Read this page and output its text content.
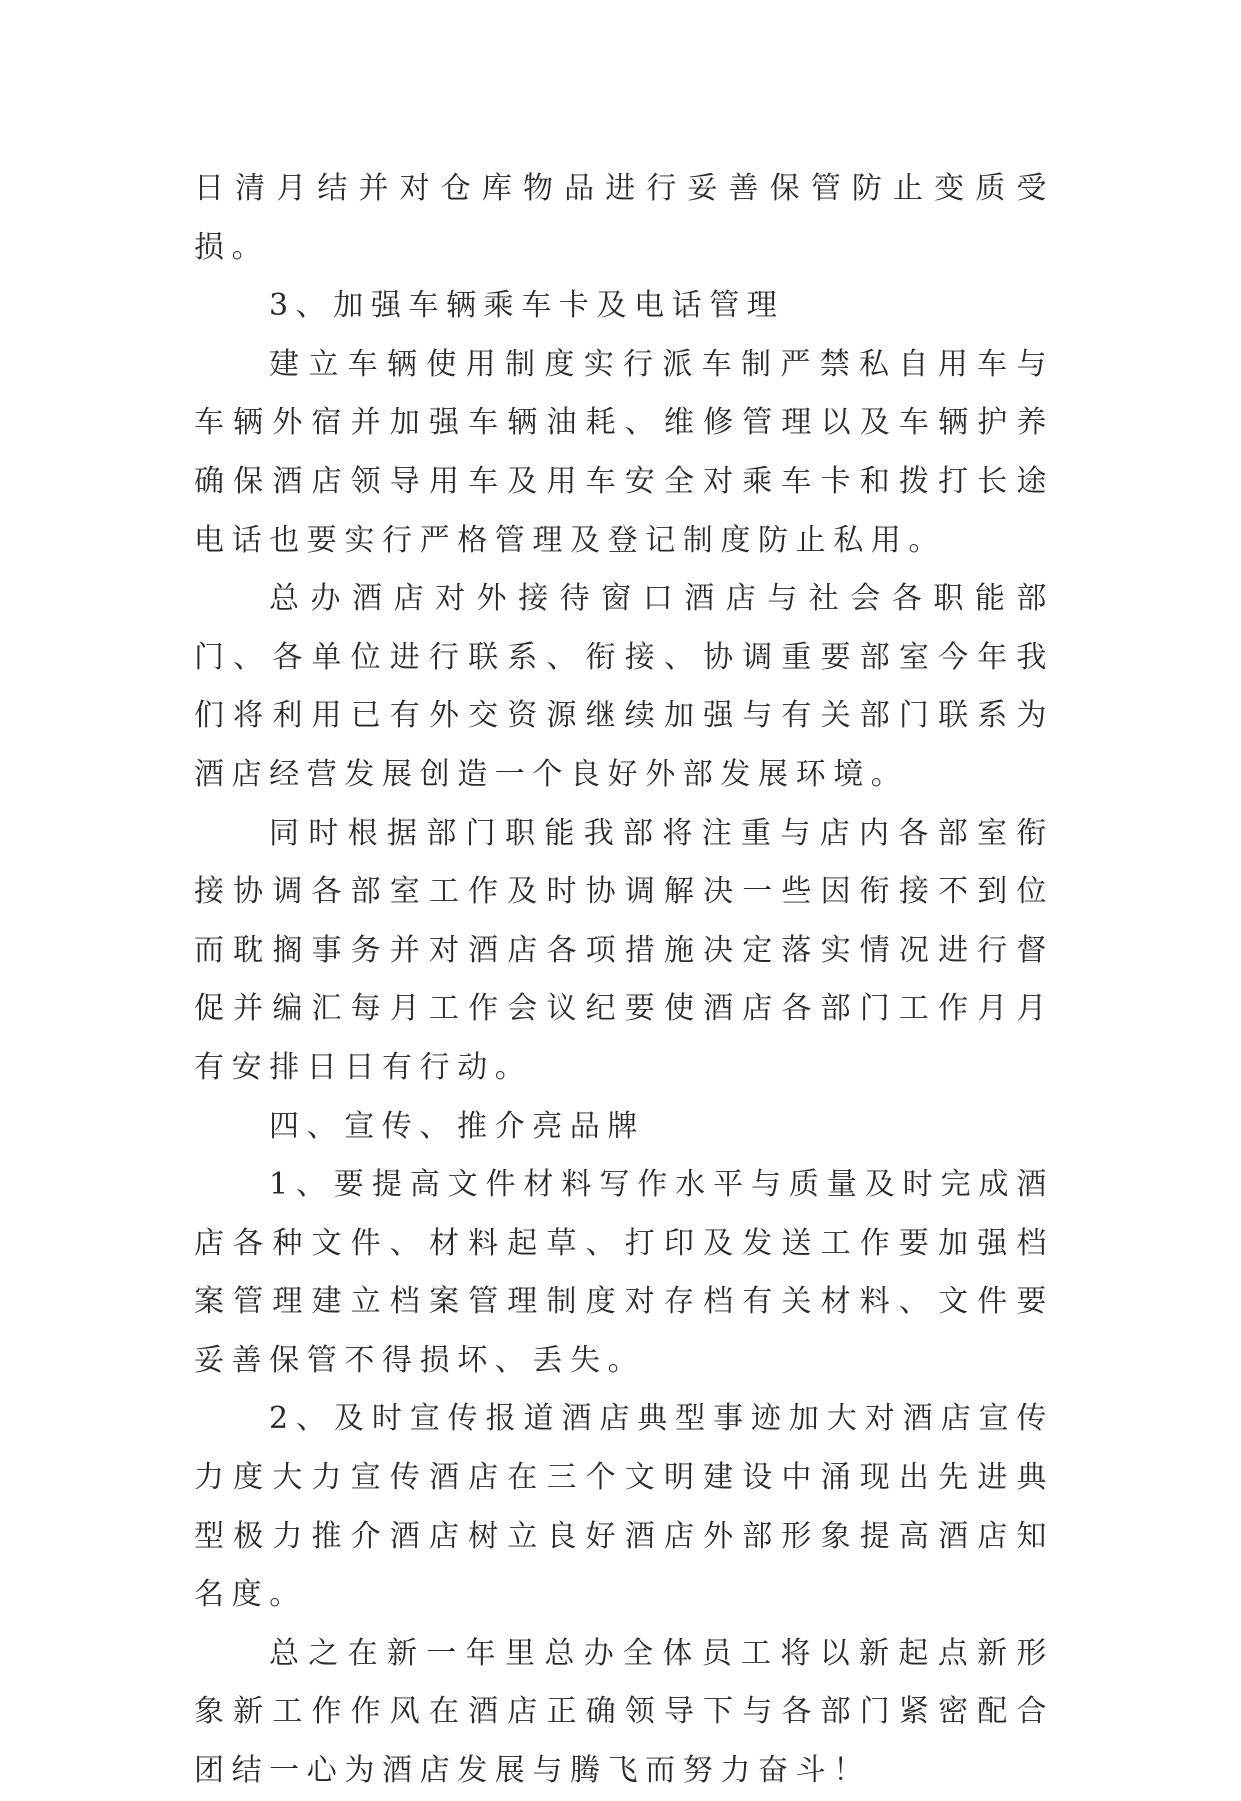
日清月结并对仓库物品进行妥善保管防止变质受损。

3、加强车辆乘车卡及电话管理

建立车辆使用制度实行派车制严禁私自用车与车辆外宿并加强车辆油耗、维修管理以及车辆护养确保酒店领导用车及用车安全对乘车卡和拨打长途电话也要实行严格管理及登记制度防止私用。

总办酒店对外接待窗口酒店与社会各职能部门、各单位进行联系、衔接、协调重要部室今年我们将利用已有外交资源继续加强与有关部门联系为酒店经营发展创造一个良好外部发展环境。

同时根据部门职能我部将注重与店内各部室衔接协调各部室工作及时协调解决一些因衔接不到位而耽搁事务并对酒店各项措施决定落实情况进行督促并编汇每月工作会议纪要使酒店各部门工作月月有安排日日有行动。

四、宣传、推介亮品牌

1、要提高文件材料写作水平与质量及时完成酒店各种文件、材料起草、打印及发送工作要加强档案管理建立档案管理制度对存档有关材料、文件要妥善保管不得损坏、丢失。

2、及时宣传报道酒店典型事迹加大对酒店宣传力度大力宣传酒店在三个文明建设中涌现出先进典型极力推介酒店树立良好酒店外部形象提高酒店知名度。

总之在新一年里总办全体员工将以新起点新形象新工作作风在酒店正确领导下与各部门紧密配合团结一心为酒店发展与腾飞而努力奋斗！
